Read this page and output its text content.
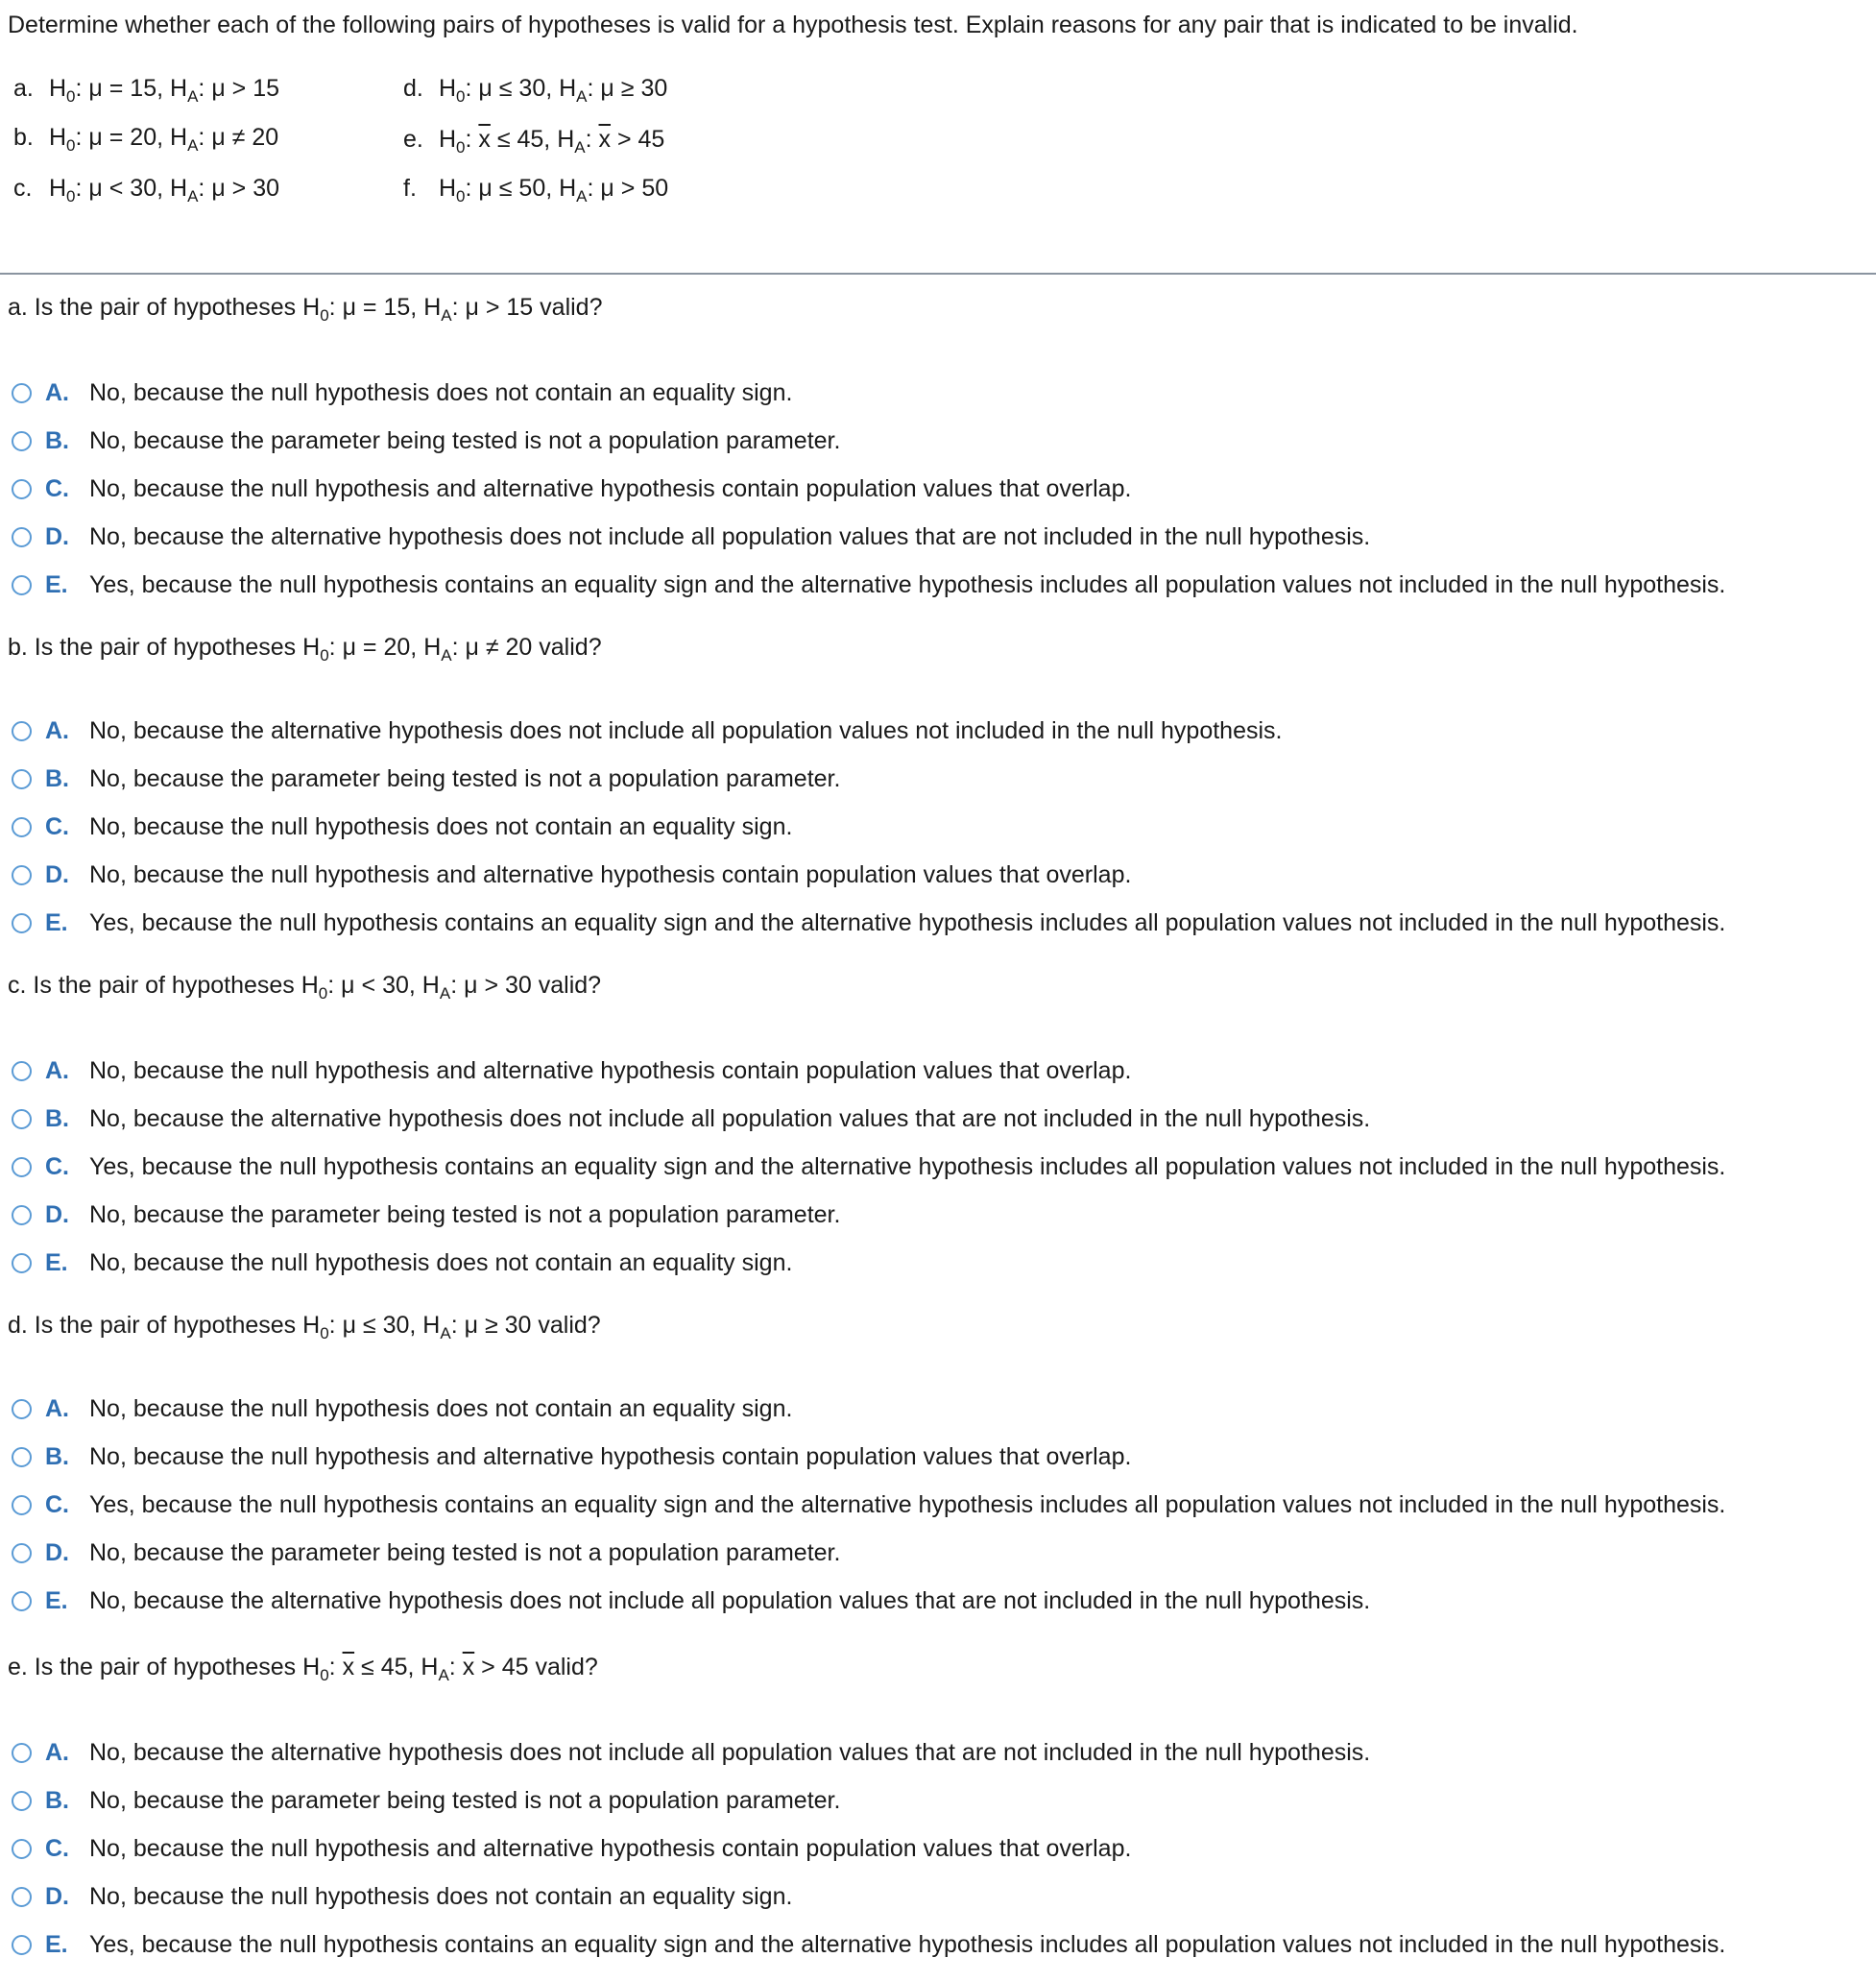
Determine whether each of the following pairs of hypotheses is valid for a hypothesis test. Explain reasons for any pair that is indicated to be invalid.
a. $H_0$: μ = 15, $H_A$: μ > 15
b. $H_0$: μ = 20, $H_A$: μ ≠ 20
c. $H_0$: μ < 30, $H_A$: μ > 30
d. $H_0$: μ ≤ 30, $H_A$: μ ≥ 30
e. $H_0$: $\overline{x} \le 45$, $H_A$: $\overline{x} > 45$
f. $H_0$: μ ≤ 50, $H_A$: μ > 50
a. Is the pair of hypotheses $H_0$: μ = 15, $H_A$: μ > 15 valid?
A. No, because the null hypothesis does not contain an equality sign.
B. No, because the parameter being tested is not a population parameter.
C. No, because the null hypothesis and alternative hypothesis contain population values that overlap.
D. No, because the alternative hypothesis does not include all population values that are not included in the null hypothesis.
E. Yes, because the null hypothesis contains an equality sign and the alternative hypothesis includes all population values not included in the null hypothesis.
b. Is the pair of hypotheses $H_0$: μ = 20, $H_A$: μ ≠ 20 valid?
A. No, because the alternative hypothesis does not include all population values not included in the null hypothesis.
B. No, because the parameter being tested is not a population parameter.
C. No, because the null hypothesis does not contain an equality sign.
D. No, because the null hypothesis and alternative hypothesis contain population values that overlap.
E. Yes, because the null hypothesis contains an equality sign and the alternative hypothesis includes all population values not included in the null hypothesis.
c. Is the pair of hypotheses $H_0$: μ < 30, $H_A$: μ > 30 valid?
A. No, because the null hypothesis and alternative hypothesis contain population values that overlap.
B. No, because the alternative hypothesis does not include all population values that are not included in the null hypothesis.
C. Yes, because the null hypothesis contains an equality sign and the alternative hypothesis includes all population values not included in the null hypothesis.
D. No, because the parameter being tested is not a population parameter.
E. No, because the null hypothesis does not contain an equality sign.
d. Is the pair of hypotheses $H_0$: μ ≤ 30, $H_A$: μ ≥ 30 valid?
A. No, because the null hypothesis does not contain an equality sign.
B. No, because the null hypothesis and alternative hypothesis contain population values that overlap.
C. Yes, because the null hypothesis contains an equality sign and the alternative hypothesis includes all population values not included in the null hypothesis.
D. No, because the parameter being tested is not a population parameter.
E. No, because the alternative hypothesis does not include all population values that are not included in the null hypothesis.
e. Is the pair of hypotheses $H_0$: $\overline{x} \le 45$, $H_A$: $\overline{x} > 45$ valid?
A. No, because the alternative hypothesis does not include all population values that are not included in the null hypothesis.
B. No, because the parameter being tested is not a population parameter.
C. No, because the null hypothesis and alternative hypothesis contain population values that overlap.
D. No, because the null hypothesis does not contain an equality sign.
E. Yes, because the null hypothesis contains an equality sign and the alternative hypothesis includes all population values not included in the null hypothesis.
